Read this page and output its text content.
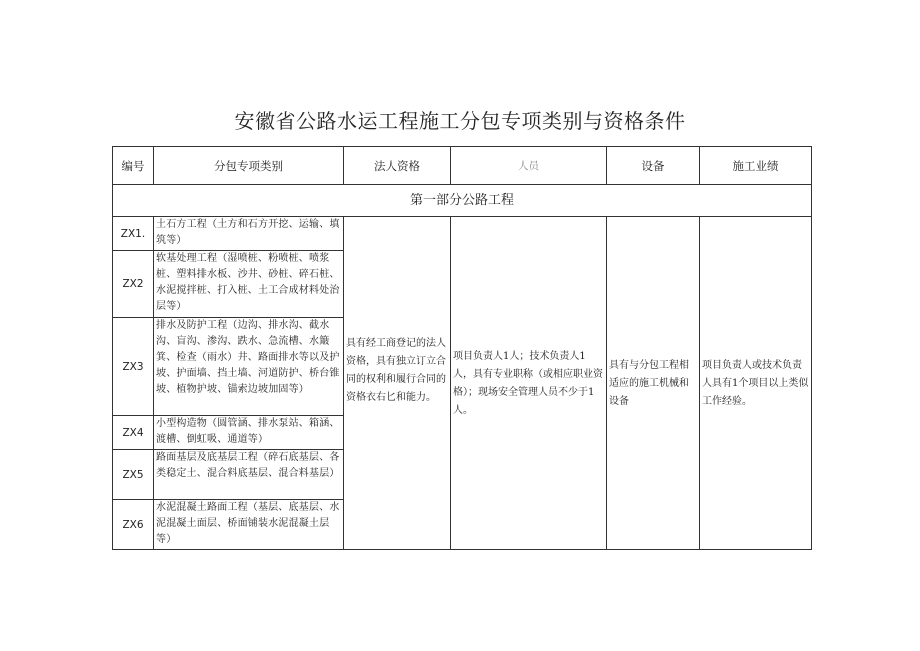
安徽省公路水运工程施工分包专项类别与资格条件
编号	分包专项类别	法人资格	人员	设备	施工业绩
第一部分公路工程					
ZX1.	土石方工程（土方和石方开挖、运输、填筑等）	具有经工商登记的法人资格，具有独立订立合同的权利和履行合同的资格衣右匕和能力。	项目负责人1人；技术负责人1人，具有专业职称（或相应职业资格）；现场安全管理人员不少于1人。	具有与分包工程相适应的施工机械和设备	项目负责人或技术负责人具有1个项目以上类似工作经验。

ZX2	软基处理工程（湿喷桩、粉喷桩、喷浆桩、塑料排水板、沙井、砂桩、碎石桩、水泥搅拌桩、打入桩、土工合成材料处治层等）				
ZX3	排水及防护工程（边沟、排水沟、截水沟、盲沟、渗沟、跌水、急流槽、水簸箕、检查（雨水）井、路面排水等以及护坡、护面墙、挡土墙、河道防护、桥台锥坡、植物护坡、锚索边坡加固等）				
ZX4	小型构造物（圆管涵、排水泵站、箱涵、渡槽、倒虹吸、通道等）				
ZX5	路面基层及底基层工程（碎石底基层、各类稳定土、混合料底基层、混合料基层）				
ZX6	水泥混凝土路面工程（基层、底基层、水泥混凝土面层、桥面铺装水泥混凝土层等）				
